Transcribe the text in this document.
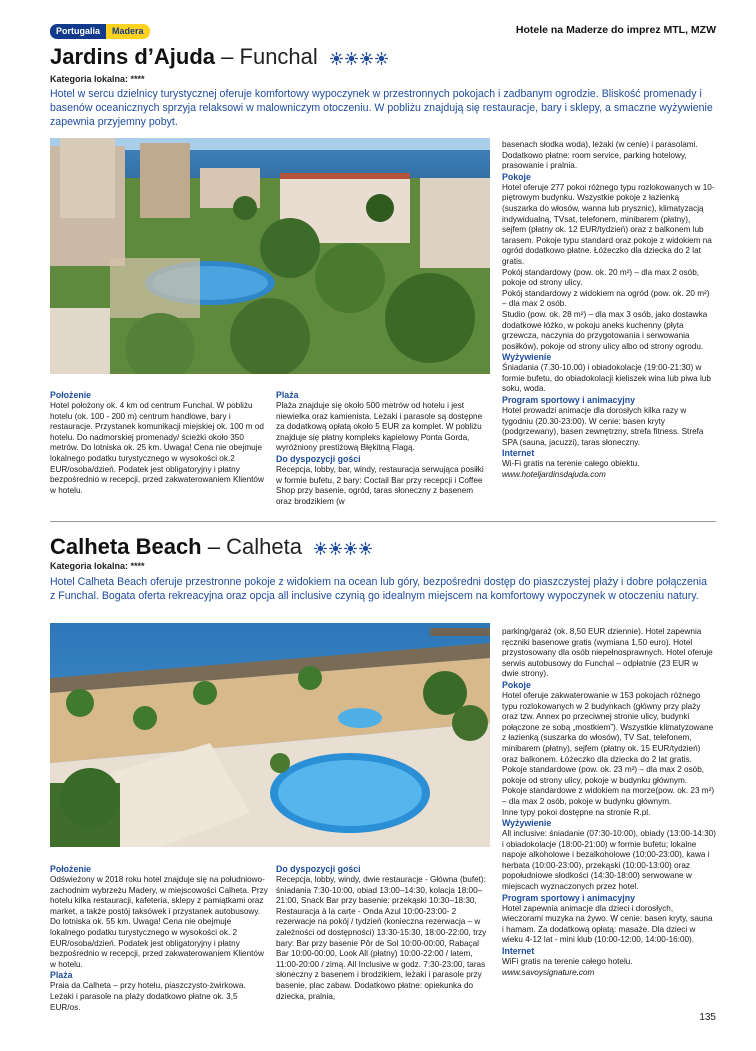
Portugalia	Madera	Hotele na Maderze do imprez MTL, MZW
Jardins d’Ajuda – Funchal
Kategoria lokalna: ****
Hotel w sercu dzielnicy turystycznej oferuje komfortowy wypoczynek w przestronnych pokojach i zadbanym ogrodzie. Bliskość promenady i basenów oceanicznych sprzyja relaksowi w malowniczym otoczeniu. W pobliżu znajdują się restauracje, bary i sklepy, a smaczne wyżywienie zapewnia przyjemny pobyt.
Położenie

Hotel położony ok. 4 km od centrum Funchal. W pobliżu hotelu (ok. 100 - 200 m) centrum handlowe, bary i restauracje. Przystanek komunikacji miejskiej ok. 100 m od hotelu. Do nadmorskiej promenady/ ścieżki około 350 metrów. Do lotniska ok. 25 km. Uwaga! Cena nie obejmuje lokalnego podatku turystycznego w wysokości ok.2 EUR/osoba/dzień. Podatek jest obligatoryjny i płatny bezpośrednio w recepcji, przed zakwaterowaniem Klientów w hotelu.

Plaża

Plaża znajduje się około 500 metrów od hotelu i jest niewielka oraz kamienista. Leżaki i parasole są dostępne za dodatkową opłatą około 5 EUR za komplet. W pobliżu znajduje się płatny kompleks kąpielowy Ponta Gorda, wyróżniony prestiżową Błękitną Flagą.

Do dyspozycji gości

Recepcja, lobby, bar, windy, restauracja serwująca posiłki w formie bufetu, 2 bary: Coctail Bar przy recepcji i Coffee Shop przy basenie, ogród, taras słoneczny z basenem oraz brodzikiem (w

basenach słodka woda), leżaki (w cenie) i parasolami. Dodatkowo płatne: room service, parking hotelowy, prasowanie i pralnia.

Pokoje

Hotel oferuje 277 pokoi różnego typu rozlokowanych w 10-piętrowym budynku. Wszystkie pokoje z łazienką (suszarka do włosów, wanna lub prysznic), klimatyzacją indywidualną, TVsat, telefonem, minibarem (płatny), sejfem (płatny ok. 12 EUR/tydzień) oraz z balkonem lub tarasem. Pokoje typu standard oraz pokoje z widokiem na ogród dodatkowo płatne. Łóżeczko dla dziecka do 2 lat gratis.
Pokój standardowy (pow. ok. 20 m²) – dla max 2 osób, pokoje od strony ulicy.
Pokój standardowy z widokiem na ogród (pow. ok. 20 m²) – dla max 2 osób.
Studio (pow. ok. 28 m²) – dla max 3 osób, jako dostawka dodatkowe łóżko, w pokoju aneks kuchenny (płyta grzewcza, naczynia do przygotowania i serwowania posiłków), pokoje od strony ulicy albo od strony ogrodu.

Wyżywienie

Śniadania (7.30-10.00) i obiadokolacje (19:00-21:30) w formie bufetu, do obiadokolacji kieliszek wina lub piwa lub soku, woda.

Program sportowy i animacyjny

Hotel prowadzi animacje dla dorosłych kilka razy w tygodniu (20.30-23:00). W cenie: basen kryty (podgrzewany), basen zewnętrzny, strefa fitness. Strefa SPA (sauna, jacuzzi), taras słoneczny.

Internet

Wi-Fi gratis na terenie całego obiektu.

www.hoteljardinsdajuda.com

Calheta Beach – Calheta
Kategoria lokalna: ****
Hotel Calheta Beach oferuje przestronne pokoje z widokiem na ocean lub góry, bezpośredni dostęp do piaszczystej plaży i dobre połączenia z Funchal. Bogata oferta rekreacyjna oraz opcja all inclusive czynią go idealnym miejscem na komfortowy wypoczynek w otoczeniu natury.
Położenie

Odświeżony w 2018 roku hotel znajduje się na południowo-zachodnim wybrzeżu Madery, w miejscowości Calheta. Przy hotelu kilka restauracji, kafeteria, sklepy z pamiątkami oraz market, a także postój taksówek i przystanek autobusowy. Do lotniska ok. 55 km. Uwaga! Cena nie obejmuje lokalnego podatku turystycznego w wysokości ok. 2 EUR/osoba/dzień. Podatek jest obligatoryjny i płatny bezpośrednio w recepcji, przed zakwaterowaniem Klientów w hotelu.

Plaża

Praia da Calheta – przy hotelu, piaszczysto-żwirkowa. Leżaki i parasole na plaży dodatkowo płatne ok. 3,5 EUR/os.

Do dyspozycji gości

Recepcja, lobby, windy, dwie restauracje - Główna (bufet): śniadania 7:30-10:00, obiad 13:00–14:30, kolacja 18:00–21:00, Snack Bar przy basenie: przekąski 10:30–18:30, Restauracja à la carte - Onda Azul 10:00-23:00- 2 rezerwacje na pokój / tydzień (konieczna rezerwacja – w zależności od dostępności) 13:30-15:30, 18:00-22:00, trzy bary: Bar przy basenie Pôr de Sol 10:00-00:00, Rabaçal Bar 10:00-00:00, Look All (płatny) 10:00-22:00 / latem, 11:00-20:00 / zimą. All Inclusive w godz. 7:30-23:00, taras słoneczny z basenem i brodzikiem, leżaki i parasole przy basenie, plac zabaw. Dodatkowo płatne: opiekunka do dziecka, pralnia,

parking/garaż (ok. 8,50 EUR dziennie). Hotel zapewnia ręczniki basenowe gratis (wymiana 1,50 euro). Hotel przystosowany dla osób niepełnosprawnych. Hotel oferuje serwis autobusowy do Funchal – odpłatnie (23 EUR w dwie strony).

Pokoje

Hotel oferuje zakwaterowanie w 153 pokojach różnego typu rozlokowanych w 2 budynkach (główny przy plaży oraz tzw. Annex po przeciwnej stronie ulicy, budynki połączone ze sobą „mostkiem”). Wszystkie klimatyzowane z łazienką (suszarka do włosów), TV Sat, telefonem, minibarem (płatny), sejfem (płatny ok. 15 EUR/tydzień) oraz balkonem. Łóżeczko dla dziecka do 2 lat gratis.
Pokoje standardowe (pow. ok. 23 m²) – dla max 2 osób, pokoje od strony ulicy, pokoje w budynku głównym.
Pokoje standardowe z widokiem na morze(pow. ok. 23 m²) – dla max 2 osób, pokoje w budynku głównym.
Inne typy pokoi dostępne na stronie R.pl.

Wyżywienie

All inclusive: śniadanie (07:30-10:00), obiady (13:00-14:30) i obiadokolacje (18:00-21:00) w formie bufetu; lokalne napoje alkoholowe i bezalkoholowe (10:00-23:00), kawa i herbata (10:00-23:00), przekąski (10:00-13:00) oraz popołudniowe słodkości (14:30-18:00) serwowane w miejscach wyznaczonych przez hotel.

Program sportowy i animacyjny

Hotel zapewnia animacje dla dzieci i dorosłych, wieczorami muzyka na żywo. W cenie: basen kryty, sauna i hamam. Za dodatkową opłatą: masaże. Dla dzieci w wieku 4-12 lat - mini klub (10:00-12:00, 14:00-16:00).

Internet

WiFi gratis na terenie całego hotelu.

www.savoysignature.com

135
